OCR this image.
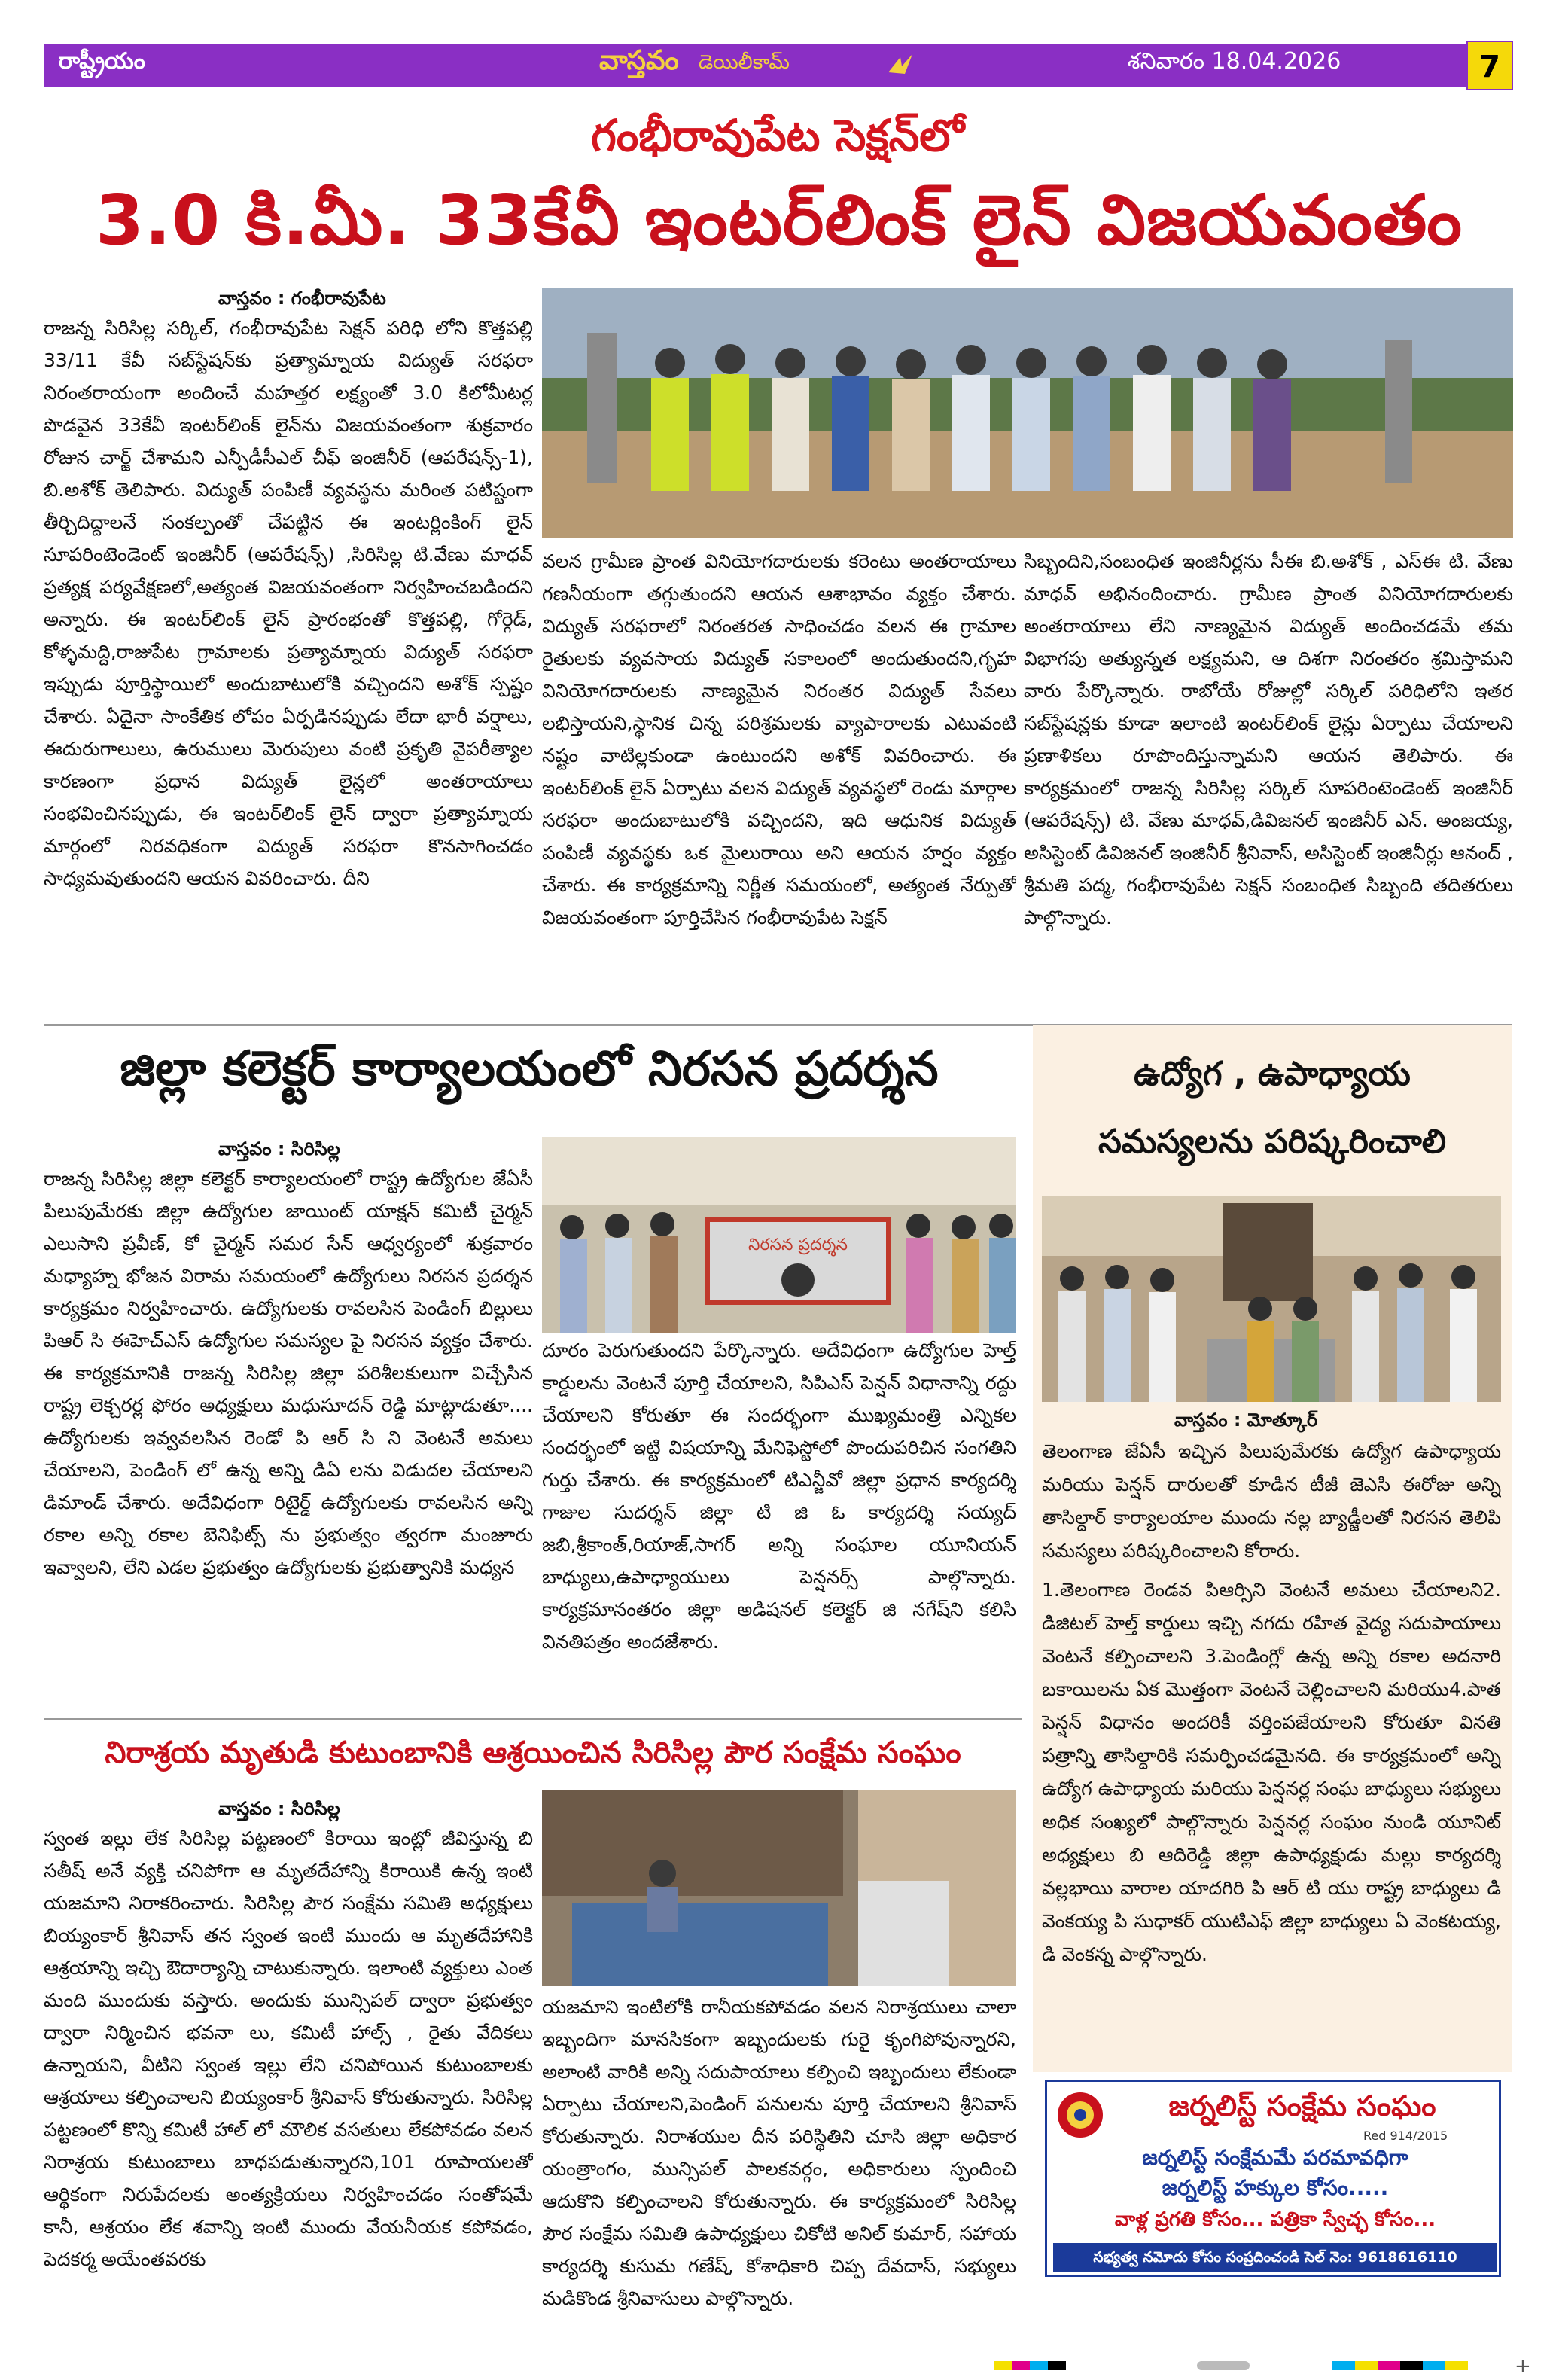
రాష్ట్రీయం	వాస్తవం డెయిలీకామ్	శనివారం 18.04.2026	7
గంభీరావుపేట సెక్షన్‌లో
3.0 కి.మీ. 33కేవీ ఇంటర్‌లింక్ లైన్ విజయవంతం
వాస్తవం : గంభీరావుపేట
రాజన్న సిరిసిల్ల సర్కిల్, గంభీరావుపేట సెక్షన్ పరిధి లోని కొత్తపల్లి 33/11 కేవీ సబ్‌స్టేషన్‌కు ప్రత్యామ్నాయ విద్యుత్ సరఫరా నిరంతరాయంగా అందించే మహత్తర లక్ష్యంతో 3.0 కిలోమీటర్ల పొడవైన 33కేవీ ఇంటర్‌లింక్ లైన్‌ను విజయవంతంగా శుక్రవారం రోజున చార్జ్ చేశామని ఎన్పీడీసీఎల్ చీఫ్ ఇంజినీర్ (ఆపరేషన్స్-1), బి.అశోక్ తెలిపారు. విద్యుత్ పంపిణీ వ్యవస్థను మరింత పటిష్టంగా తీర్చిదిద్దాలనే సంకల్పంతో చేపట్టిన ఈ ఇంటర్లింకింగ్ లైన్ సూపరింటెండెంట్ ఇంజినీర్ (ఆపరేషన్స్) ,సిరిసిల్ల టి.వేణు మాధవ్ ప్రత్యక్ష పర్యవేక్షణలో,అత్యంత విజయవంతంగా నిర్వహించబడిందని అన్నారు. ఈ ఇంటర్‌లింక్ లైన్ ప్రారంభంతో కొత్తపల్లి, గోర్గెడ్, కోళ్ళమద్ది,రాజుపేట గ్రామాలకు ప్రత్యామ్నాయ విద్యుత్ సరఫరా ఇప్పుడు పూర్తిస్థాయిలో అందుబాటులోకి వచ్చిందని అశోక్ స్పష్టం చేశారు. ఏదైనా సాంకేతిక లోపం ఏర్పడినప్పుడు లేదా భారీ వర్షాలు, ఈదురుగాలులు, ఉరుములు మెరుపులు వంటి ప్రకృతి వైపరీత్యాల కారణంగా ప్రధాన విద్యుత్ లైన్లలో అంతరాయాలు సంభవించినప్పుడు, ఈ ఇంటర్‌లింక్ లైన్ ద్వారా ప్రత్యామ్నాయ మార్గంలో నిరవధికంగా విద్యుత్ సరఫరా కొనసాగించడం సాధ్యమవుతుందని ఆయన వివరించారు. దీని
వలన గ్రామీణ ప్రాంత వినియోగదారులకు కరెంటు అంతరాయాలు గణనీయంగా తగ్గుతుందని ఆయన ఆశాభావం వ్యక్తం చేశారు. విద్యుత్ సరఫరాలో నిరంతరత సాధించడం వలన ఈ గ్రామాల రైతులకు వ్యవసాయ విద్యుత్ సకాలంలో అందుతుందని,గృహ వినియోగదారులకు నాణ్యమైన నిరంతర విద్యుత్ సేవలు లభిస్తాయని,స్థానిక చిన్న పరిశ్రమలకు వ్యాపారాలకు ఎటువంటి నష్టం వాటిల్లకుండా ఉంటుందని అశోక్ వివరించారు. ఈ ఇంటర్‌లింక్ లైన్ ఏర్పాటు వలన విద్యుత్ వ్యవస్థలో రెండు మార్గాల సరఫరా అందుబాటులోకి వచ్చిందని, ఇది ఆధునిక విద్యుత్ పంపిణీ వ్యవస్థకు ఒక మైలురాయి అని ఆయన హర్షం వ్యక్తం చేశారు. ఈ కార్యక్రమాన్ని నిర్ణీత సమయంలో, అత్యంత నేర్పుతో విజయవంతంగా పూర్తిచేసిన గంభీరావుపేట సెక్షన్
సిబ్బందిని,సంబంధిత ఇంజినీర్లను సీఈ బి.అశోక్ , ఎస్ఈ టి. వేణు మాధవ్ అభినందించారు. గ్రామీణ ప్రాంత వినియోగదారులకు అంతరాయాలు లేని నాణ్యమైన విద్యుత్ అందించడమే తమ విభాగపు అత్యున్నత లక్ష్యమని, ఆ దిశగా నిరంతరం శ్రమిస్తామని వారు పేర్కొన్నారు. రాబోయే రోజుల్లో సర్కిల్ పరిధిలోని ఇతర సబ్‌స్టేషన్లకు కూడా ఇలాంటి ఇంటర్‌లింక్ లైన్లు ఏర్పాటు చేయాలని ప్రణాళికలు రూపొందిస్తున్నామని ఆయన తెలిపారు. ఈ కార్యక్రమంలో రాజన్న సిరిసిల్ల సర్కిల్ సూపరింటెండెంట్ ఇంజినీర్ (ఆపరేషన్స్) టి. వేణు మాధవ్,డివిజనల్ ఇంజినీర్ ఎన్. అంజయ్య, అసిస్టెంట్ డివిజనల్ ఇంజినీర్ శ్రీనివాస్, అసిస్టెంట్ ఇంజినీర్లు ఆనంద్ , శ్రీమతి పద్మ, గంభీరావుపేట సెక్షన్ సంబంధిత సిబ్బంది తదితరులు పాల్గొన్నారు.
జిల్లా కలెక్టర్ కార్యాలయంలో నిరసన ప్రదర్శన
వాస్తవం : సిరిసిల్ల
రాజన్న సిరిసిల్ల జిల్లా కలెక్టర్ కార్యాలయంలో రాష్ట్ర ఉద్యోగుల జేఏసీ పిలుపుమేరకు జిల్లా ఉద్యోగుల జాయింట్ యాక్షన్ కమిటీ చైర్మన్ ఎలుసాని ప్రవీణ్, కో చైర్మన్ సమర సేన్ ఆధ్వర్యంలో శుక్రవారం మధ్యాహ్న భోజన విరామ సమయంలో ఉద్యోగులు నిరసన ప్రదర్శన కార్యక్రమం నిర్వహించారు. ఉద్యోగులకు రావలసిన పెండింగ్ బిల్లులు పిఆర్ సి ఈహెచ్ఎస్ ఉద్యోగుల సమస్యల పై నిరసన వ్యక్తం చేశారు. ఈ కార్యక్రమానికి రాజన్న సిరిసిల్ల జిల్లా పరిశీలకులుగా విచ్చేసిన రాష్ట్ర లెక్చరర్ల ఫోరం అధ్యక్షులు మధుసూదన్ రెడ్డి మాట్లాడుతూ.... ఉద్యోగులకు ఇవ్వవలసిన రెండో పి ఆర్ సి ని వెంటనే అమలు చేయాలని, పెండింగ్ లో ఉన్న అన్ని డిఏ లను విడుదల చేయాలని డిమాండ్ చేశారు. అదేవిధంగా రిటైర్డ్ ఉద్యోగులకు రావలసిన అన్ని రకాల అన్ని రకాల బెనిఫిట్స్ ను ప్రభుత్వం త్వరగా మంజూరు ఇవ్వాలని, లేని ఎడల ప్రభుత్వం ఉద్యోగులకు ప్రభుత్వానికి మధ్యన
నిరసన ప్రదర్శన
దూరం పెరుగుతుందని పేర్కొన్నారు. అదేవిధంగా ఉద్యోగుల హెల్త్ కార్డులను వెంటనే పూర్తి చేయాలని, సిపిఎస్ పెన్షన్ విధానాన్ని రద్దు చేయాలని కోరుతూ ఈ సందర్భంగా ముఖ్యమంత్రి ఎన్నికల సందర్భంలో ఇట్టి విషయాన్ని మేనిఫెస్టోలో పొందుపరిచిన సంగతిని గుర్తు చేశారు. ఈ కార్యక్రమంలో టిఎన్జీవో జిల్లా ప్రధాన కార్యదర్శి గాజుల సుదర్శన్ జిల్లా టి జి ఓ కార్యదర్శి సయ్యద్ జబి,శ్రీకాంత్,రియాజ్,సాగర్ అన్ని సంఘాల యూనియన్ బాధ్యులు,ఉపాధ్యాయులు పెన్షనర్స్ పాల్గొన్నారు. కార్యక్రమానంతరం జిల్లా అడిషనల్ కలెక్టర్ జి నగేష్‌ని కలిసి వినతిపత్రం అందజేశారు.
ఉద్యోగ , ఉపాధ్యాయ
సమస్యలను పరిష్కరించాలి
వాస్తవం : మోత్కూర్
తెలంగాణ జేఏసీ ఇచ్చిన పిలుపుమేరకు ఉద్యోగ ఉపాధ్యాయ మరియు పెన్షన్ దారులతో కూడిన టీజీ జెఎసి ఈరోజు అన్ని తాసిల్దార్ కార్యాలయాల ముందు నల్ల బ్యాడ్జీలతో నిరసన తెలిపి సమస్యలు పరిష్కరించాలని కోరారు.
1.తెలంగాణ రెండవ పిఆర్సిని వెంటనే అమలు చేయాలని2. డిజిటల్ హెల్త్ కార్డులు ఇచ్చి నగదు రహిత వైద్య సదుపాయాలు వెంటనే కల్పించాలని 3.పెండింగ్లో ఉన్న అన్ని రకాల అదనారి బకాయిలను ఏక మొత్తంగా వెంటనే చెల్లించాలని మరియు4.పాత పెన్షన్ విధానం అందరికీ వర్తింపజేయాలని కోరుతూ వినతి పత్రాన్ని తాసిల్దారికి సమర్పించడమైనది. ఈ కార్యక్రమంలో అన్ని ఉద్యోగ ఉపాధ్యాయ మరియు పెన్షనర్ల సంఘ బాధ్యులు సభ్యులు అధిక సంఖ్యలో పాల్గొన్నారు పెన్షనర్ల సంఘం నుండి యూనిట్ అధ్యక్షులు బి ఆదిరెడ్డి జిల్లా ఉపాధ్యక్షుడు మల్లు కార్యదర్శి వల్లభాయి వారాల యాదగిరి పి ఆర్ టి యు రాష్ట్ర బాధ్యులు డి వెంకయ్య పి సుధాకర్ యుటిఎఫ్ జిల్లా బాధ్యులు ఏ వెంకటయ్య, డి వెంకన్న పాల్గొన్నారు.
నిరాశ్రయ మృతుడి కుటుంబానికి ఆశ్రయించిన సిరిసిల్ల పౌర సంక్షేమ సంఘం
వాస్తవం : సిరిసిల్ల
స్వంత ఇల్లు లేక సిరిసిల్ల పట్టణంలో కిరాయి ఇంట్లో జీవిస్తున్న బి సతీష్ అనే వ్యక్తి చనిపోగా ఆ మృతదేహాన్ని కిరాయికి ఉన్న ఇంటి యజమాని నిరాకరించారు. సిరిసిల్ల పౌర సంక్షేమ సమితి అధ్యక్షులు బియ్యంకార్ శ్రీనివాస్ తన స్వంత ఇంటి ముందు ఆ మృతదేహానికి ఆశ్రయాన్ని ఇచ్చి ఔదార్యాన్ని చాటుకున్నారు. ఇలాంటి వ్యక్తులు ఎంత మంది ముందుకు వస్తారు. అందుకు మున్సిపల్ ద్వారా ప్రభుత్వం ద్వారా నిర్మించిన భవనా లు, కమిటీ హాల్స్ , రైతు వేదికలు ఉన్నాయని, వీటిని స్వంత ఇల్లు లేని చనిపోయిన కుటుంబాలకు ఆశ్రయాలు కల్పించాలని బియ్యంకార్ శ్రీనివాస్ కోరుతున్నారు. సిరిసిల్ల పట్టణంలో కొన్ని కమిటీ హాల్ లో మౌలిక వసతులు లేకపోవడం వలన నిరాశ్రయ కుటుంబాలు బాధపడుతున్నారని,101 రూపాయలతో ఆర్థికంగా నిరుపేదలకు అంత్యక్రియలు నిర్వహించడం సంతోషమే కానీ, ఆశ్రయం లేక శవాన్ని ఇంటి ముందు వేయనీయక కపోవడం, పెదకర్మ అయేంతవరకు
యజమాని ఇంటిలోకి రానీయకపోవడం వలన నిరాశ్రయులు చాలా ఇబ్బందిగా మానసికంగా ఇబ్బందులకు గురై కృంగిపోవున్నారని, అలాంటి వారికి అన్ని సదుపాయాలు కల్పించి ఇబ్బందులు లేకుండా ఏర్పాటు చేయాలని,పెండింగ్ పనులను పూర్తి చేయాలని శ్రీనివాస్ కోరుతున్నారు. నిరాశయుల దీన పరిస్థితిని చూసి జిల్లా అధికార యంత్రాంగం, మున్సిపల్ పాలకవర్గం, అధికారులు స్పందించి ఆదుకొని కల్పించాలని కోరుతున్నారు. ఈ కార్యక్రమంలో సిరిసిల్ల పౌర సంక్షేమ సమితి ఉపాధ్యక్షులు చికోటి అనిల్ కుమార్, సహాయ కార్యదర్శి కుసుమ గణేష్, కోశాధికారి చిప్ప దేవదాస్, సభ్యులు మడికొండ శ్రీనివాసులు పాల్గొన్నారు.
జర్నలిస్ట్ సంక్షేమ సంఘం
Red 914/2015
జర్నలిస్ట్ సంక్షేమమే పరమావధిగా
జర్నలిస్ట్ హక్కుల కోసం.....
వాళ్ల ప్రగతి కోసం... పత్రికా స్వేచ్ఛ కోసం...
సభ్యత్వ నమోదు కోసం సంప్రదించండి సెల్ నెం: 9618616110
+
